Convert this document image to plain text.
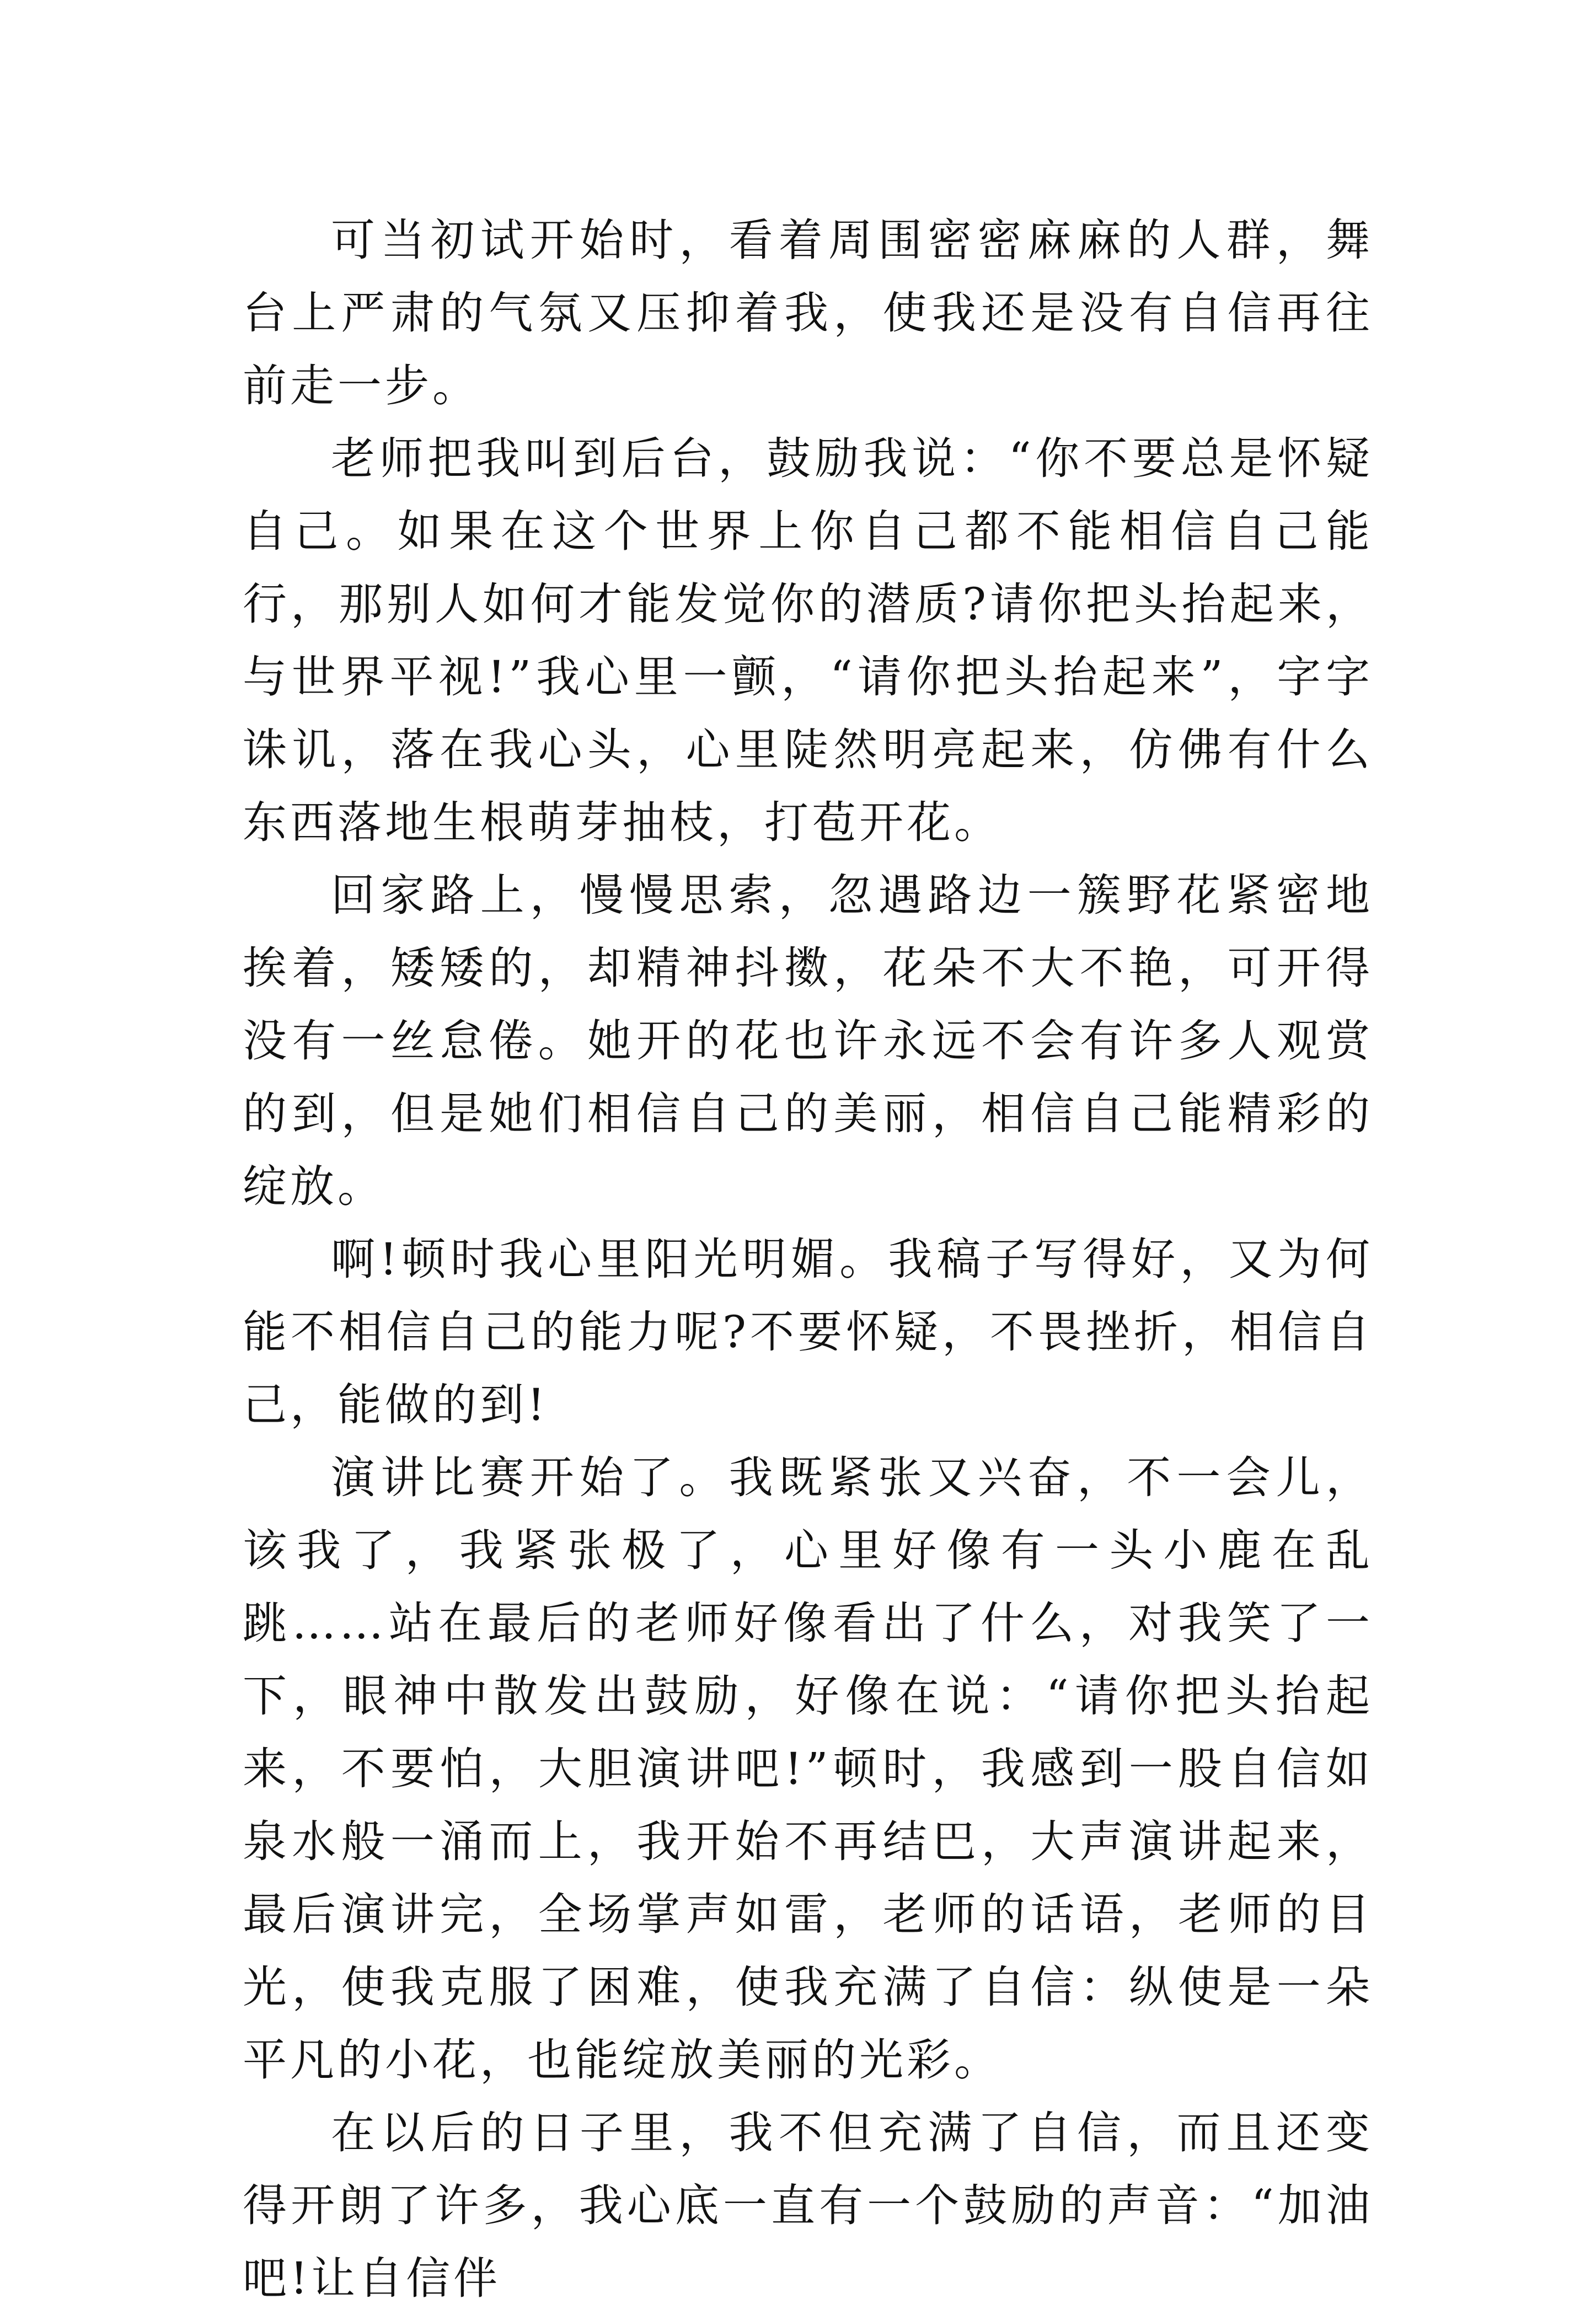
可当初试开始时，看着周围密密麻麻的人群，舞台上严肃的气氛又压抑着我，使我还是没有自信再往前走一步。

老师把我叫到后台，鼓励我说：“你不要总是怀疑自己。如果在这个世界上你自己都不能相信自己能行，那别人如何才能发觉你的潜质?请你把头抬起来，与世界平视!”我心里一颤，“请你把头抬起来”，字字诛讥，落在我心头，心里陡然明亮起来，仿佛有什么东西落地生根萌芽抽枝，打苞开花。

回家路上，慢慢思索，忽遇路边一簇野花紧密地挨着，矮矮的，却精神抖擞，花朵不大不艳，可开得没有一丝怠倦。她开的花也许永远不会有许多人观赏的到，但是她们相信自己的美丽，相信自己能精彩的绽放。

啊!顿时我心里阳光明媚。我稿子写得好，又为何能不相信自己的能力呢?不要怀疑，不畏挫折，相信自己，能做的到!

演讲比赛开始了。我既紧张又兴奋，不一会儿，该我了，我紧张极了，心里好像有一头小鹿在乱跳……站在最后的老师好像看出了什么，对我笑了一下，眼神中散发出鼓励，好像在说：“请你把头抬起来，不要怕，大胆演讲吧!”顿时，我感到一股自信如泉水般一涌而上，我开始不再结巴，大声演讲起来，最后演讲完，全场掌声如雷，老师的话语，老师的目光，使我克服了困难，使我充满了自信：纵使是一朵平凡的小花，也能绽放美丽的光彩。

在以后的日子里，我不但充满了自信，而且还变得开朗了许多，我心底一直有一个鼓励的声音：“加油吧!让自信伴
